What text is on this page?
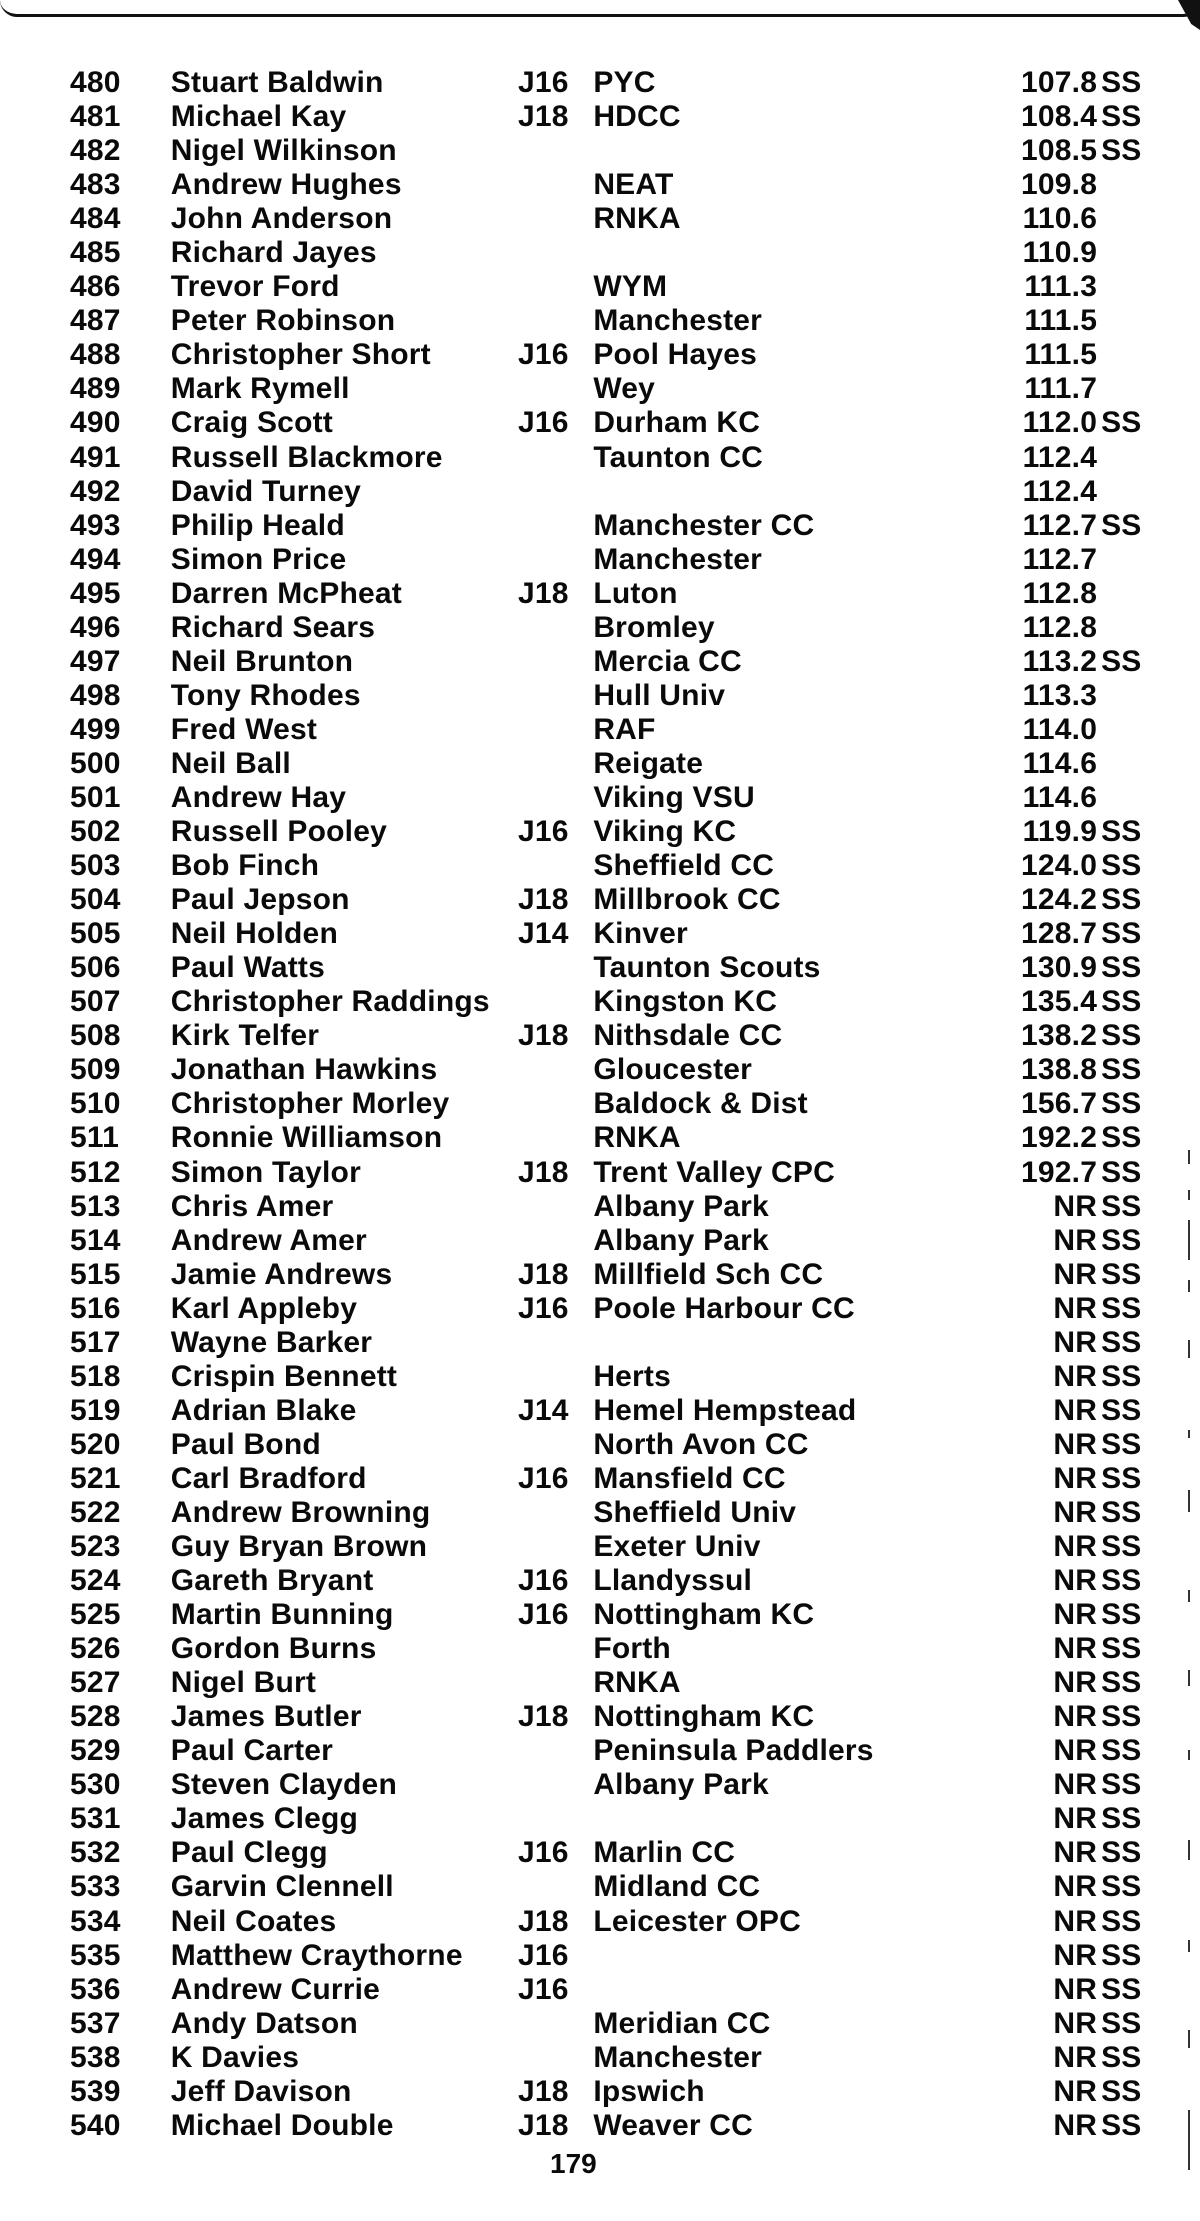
480	Stuart Baldwin	J16 PYC	107.8 SS
481	Michael Kay	J18 HDCC	108.4 SS
482	Nigel Wilkinson	108.5 SS
483	Andrew Hughes	NEAT	109.8
484	John Anderson	RNKA	110.6
485	Richard Jayes	110.9
486	Trevor Ford	WYM	111.3
487	Peter Robinson	Manchester	111.5
488	Christopher Short	J16 Pool Hayes	111.5
489	Mark Rymell	Wey	111.7
490	Craig Scott	J16 Durham KC	112.0 SS
491	Russell Blackmore	Taunton CC	112.4
492	David Turney	112.4
493	Philip Heald	Manchester CC	112.7 SS
494	Simon Price	Manchester	112.7
495	Darren McPheat	J18 Luton	112.8
496	Richard Sears	Bromley	112.8
497	Neil Brunton	Mercia CC	113.2 SS
498	Tony Rhodes	Hull Univ	113.3
499	Fred West	RAF	114.0
500	Neil Ball	Reigate	114.6
501	Andrew Hay	Viking VSU	114.6
502	Russell Pooley	J16 Viking KC	119.9 SS
503	Bob Finch	Sheffield CC	124.0 SS
504	Paul Jepson	J18 Millbrook CC	124.2 SS
505	Neil Holden	J14 Kinver	128.7 SS
506	Paul Watts	Taunton Scouts	130.9 SS
507	Christopher Raddings	Kingston KC	135.4 SS
508	Kirk Telfer	J18 Nithsdale CC	138.2 SS
509	Jonathan Hawkins	Gloucester	138.8 SS
510	Christopher Morley	Baldock & Dist	156.7 SS
511	Ronnie Williamson	RNKA	192.2 SS
512	Simon Taylor	J18 Trent Valley CPC	192.7 SS
513	Chris Amer	Albany Park	NR SS
514	Andrew Amer	Albany Park	NR SS
515	Jamie Andrews	J18 Millfield Sch CC	NR SS
516	Karl Appleby	J16 Poole Harbour CC	NR SS
517	Wayne Barker	NR SS
518	Crispin Bennett	Herts	NR SS
519	Adrian Blake	J14 Hemel Hempstead	NR SS
520	Paul Bond	North Avon CC	NR SS
521	Carl Bradford	J16 Mansfield CC	NR SS
522	Andrew Browning	Sheffield Univ	NR SS
523	Guy Bryan Brown	Exeter Univ	NR SS
524	Gareth Bryant	J16 Llandyssul	NR SS
525	Martin Bunning	J16 Nottingham KC	NR SS
526	Gordon Burns	Forth	NR SS
527	Nigel Burt	RNKA	NR SS
528	James Butler	J18 Nottingham KC	NR SS
529	Paul Carter	Peninsula Paddlers	NR SS
530	Steven Clayden	Albany Park	NR SS
531	James Clegg	NR SS
532	Paul Clegg	J16 Marlin CC	NR SS
533	Garvin Clennell	Midland CC	NR SS
534	Neil Coates	J18 Leicester OPC	NR SS
535	Matthew Craythorne	J16	NR SS
536	Andrew Currie	J16	NR SS
537	Andy Datson	Meridian CC	NR SS
538	K Davies	Manchester	NR SS
539	Jeff Davison	J18 Ipswich	NR SS
540	Michael Double	J18 Weaver CC	NR SS
179
